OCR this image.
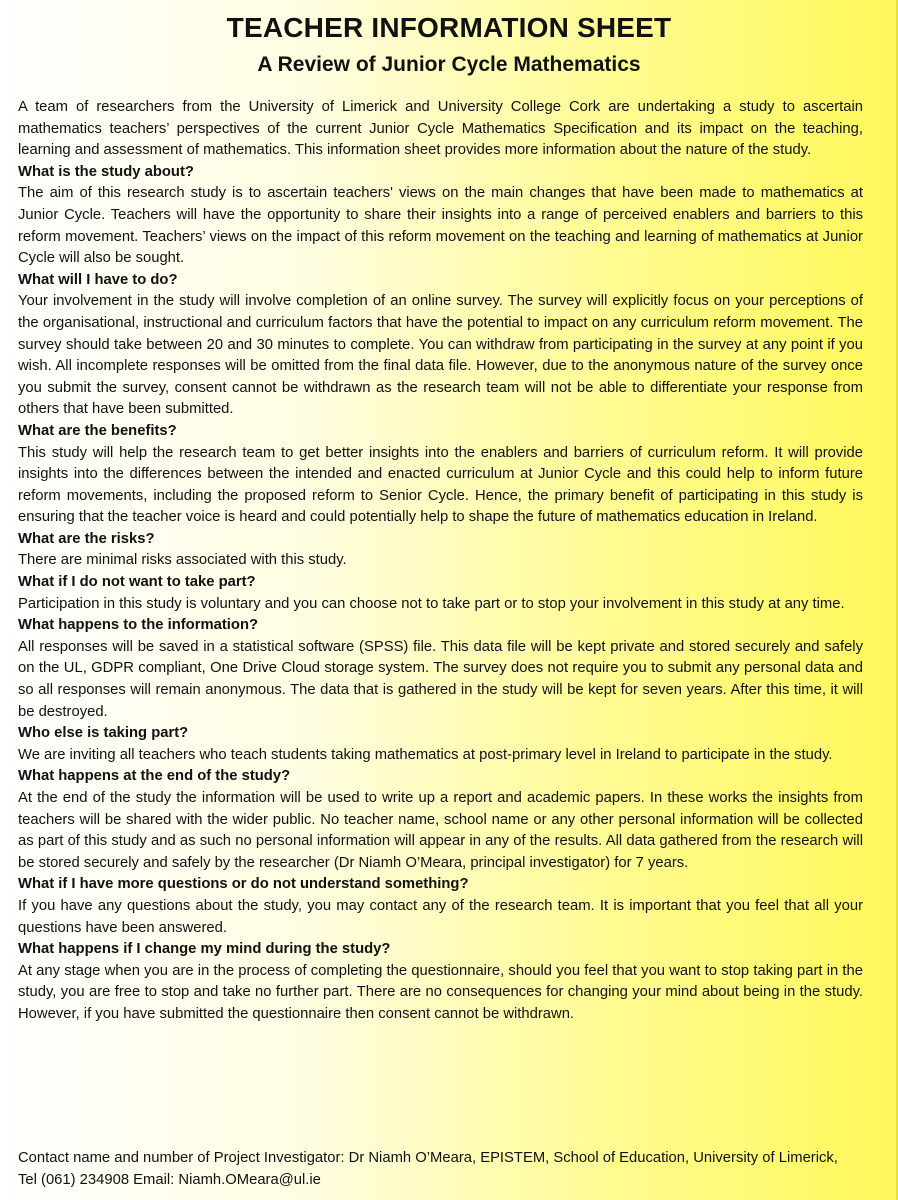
TEACHER INFORMATION SHEET
A Review of Junior Cycle Mathematics

A team of researchers from the University of Limerick and University College Cork are undertaking a study to ascertain mathematics teachers’ perspectives of the current Junior Cycle Mathematics Specification and its impact on the teaching, learning and assessment of mathematics. This information sheet provides more information about the nature of the study.

What is the study about?

The aim of this research study is to ascertain teachers' views on the main changes that have been made to mathematics at Junior Cycle. Teachers will have the opportunity to share their insights into a range of perceived enablers and barriers to this reform movement. Teachers’ views on the impact of this reform movement on the teaching and learning of mathematics at Junior Cycle will also be sought.

What will I have to do?

Your involvement in the study will involve completion of an online survey. The survey will explicitly focus on your perceptions of the organisational, instructional and curriculum factors that have the potential to impact on any curriculum reform movement. The survey should take between 20 and 30 minutes to complete. You can withdraw from participating in the survey at any point if you wish. All incomplete responses will be omitted from the final data file. However, due to the anonymous nature of the survey once you submit the survey, consent cannot be withdrawn as the research team will not be able to differentiate your response from others that have been submitted.

What are the benefits?

This study will help the research team to get better insights into the enablers and barriers of curriculum reform. It will provide insights into the differences between the intended and enacted curriculum at Junior Cycle and this could help to inform future reform movements, including the proposed reform to Senior Cycle. Hence, the primary benefit of participating in this study is ensuring that the teacher voice is heard and could potentially help to shape the future of mathematics education in Ireland.

What are the risks?

There are minimal risks associated with this study.

What if I do not want to take part?

Participation in this study is voluntary and you can choose not to take part or to stop your involvement in this study at any time.

What happens to the information?

All responses will be saved in a statistical software (SPSS) file. This data file will be kept private and stored securely and safely on the UL, GDPR compliant, One Drive Cloud storage system. The survey does not require you to submit any personal data and so all responses will remain anonymous. The data that is gathered in the study will be kept for seven years. After this time, it will be destroyed.

Who else is taking part?

We are inviting all teachers who teach students taking mathematics at post-primary level in Ireland to participate in the study.

What happens at the end of the study?

At the end of the study the information will be used to write up a report and academic papers. In these works the insights from teachers will be shared with the wider public. No teacher name, school name or any other personal information will be collected as part of this study and as such no personal information will appear in any of the results. All data gathered from the research will be stored securely and safely by the researcher (Dr Niamh O’Meara, principal investigator) for 7 years.

What if I have more questions or do not understand something?

If you have any questions about the study, you may contact any of the research team. It is important that you feel that all your questions have been answered.

What happens if I change my mind during the study?

At any stage when you are in the process of completing the questionnaire, should you feel that you want to stop taking part in the study, you are free to stop and take no further part. There are no consequences for changing your mind about being in the study. However, if you have submitted the questionnaire then consent cannot be withdrawn.

Contact name and number of Project Investigator: Dr Niamh O’Meara, EPISTEM, School of Education, University of Limerick,

Tel (061) 234908 Email: Niamh.OMeara@ul.ie
